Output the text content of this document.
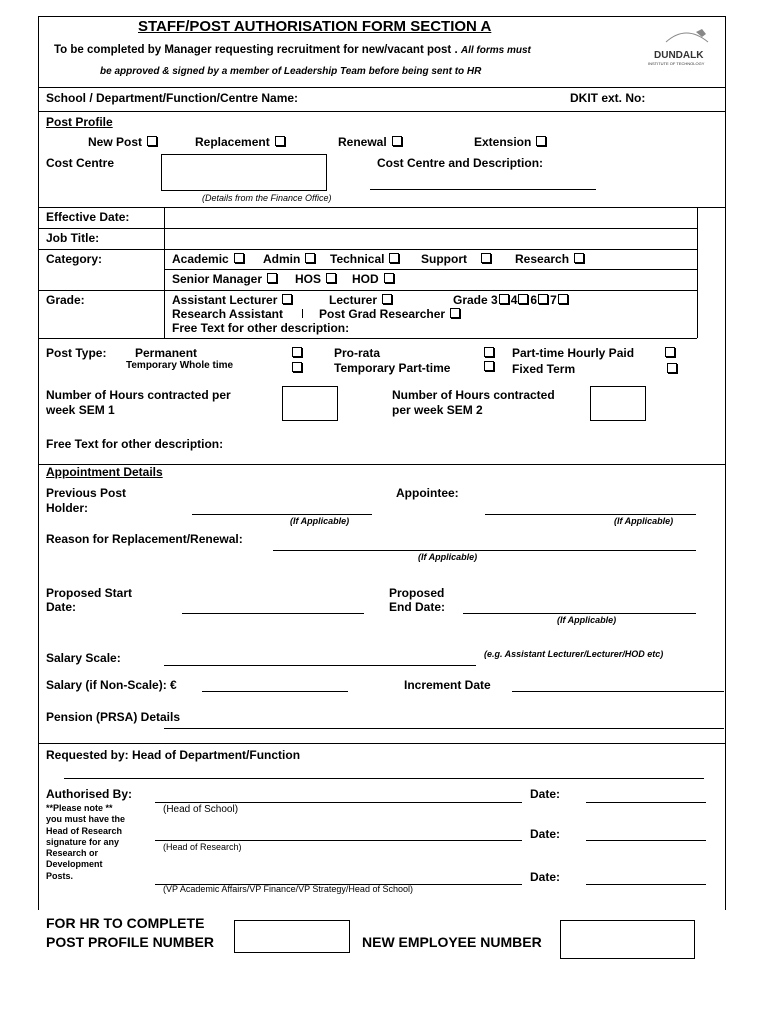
STAFF/POST AUTHORISATION FORM SECTION A
To be completed by Manager requesting recruitment for new/vacant post . All forms must
be approved & signed by a member of Leadership Team before being sent to HR
DUNDALK
INSTITUTE OF TECHNOLOGY
School / Department/Function/Centre Name:	DKIT ext. No:
Post Profile
New Post	Replacement	Renewal	Extension
Cost Centre	Cost Centre and Description:
(Details from the Finance Office)
Effective Date:
Job Title:
Category:	Academic	Admin	Technical	Support	Research
Senior Manager	HOS	HOD
Grade:	Assistant Lecturer	Lecturer	Grade 3 4 6 7
Research Assistant	Post Grad Researcher
Free Text for other description:
Post Type: Permanent
Temporary Whole time
Pro-rata
Temporary Part-time
Part-time Hourly Paid
Fixed Term
Number of Hours contracted per
week SEM 1
Number of Hours contracted
per week SEM 2
Free Text for other description:
Appointment Details
Previous Post
Holder:
(If Applicable)
Appointee:
(If Applicable)
Reason for Replacement/Renewal:
(If Applicable)
Proposed Start
Date:
Proposed
End Date:
(If Applicable)
Salary Scale:	(e.g. Assistant Lecturer/Lecturer/HOD etc)
Salary (if Non-Scale): €	Increment Date
Pension (PRSA) Details
Requested by: Head of Department/Function
Authorised By:
**Please note **
you must have the
Head of Research
signature for any
Research or
Development
Posts.
(Head of School)
Date:
(Head of Research)
Date:
(VP Academic Affairs/VP Finance/VP Strategy/Head of School)
Date:
FOR HR TO COMPLETE
POST PROFILE NUMBER	NEW EMPLOYEE NUMBER
